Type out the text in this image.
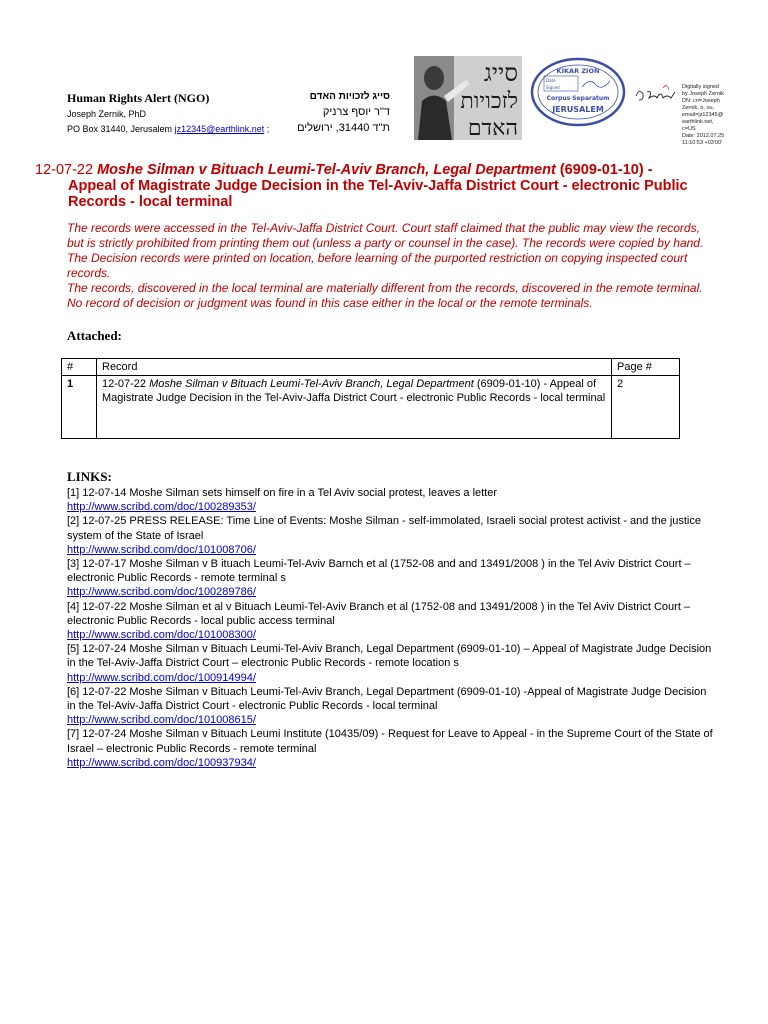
Human Rights Alert (NGO)
Joseph Zernik, PhD
PO Box 31440, Jerusalem jz12345@earthlink.net ;
סייג לזכויות האדם
ד"ר יוסף צרניק
ת"ד 31440, ירושלים
סייג
לזכויות
האדם
KIKAR ZION
Date
Signed
Corpus Separatum
JERUSALEM
Digitally signed
by Joseph Zernik
DN: cn=Joseph
Zernik, o, ou,
email=jz12345@
earthlink.net,
c=US
Date: 2012.07.25
11:10:53 +03'00'
12-07-22 Moshe Silman v Bituach Leumi-Tel-Aviv Branch, Legal Department (6909-01-10) -
Appeal of Magistrate Judge Decision in the Tel-Aviv-Jaffa District Court - electronic Public Records - local terminal

The records were accessed in the Tel-Aviv-Jaffa District Court. Court staff claimed that the public may view the records, but is strictly prohibited from printing them out (unless a party or counsel in the case). The records were copied by hand. The Decision records were printed on location, before learning of the purported restriction on copying inspected court records.

The records, discovered in the local terminal are materially different from the records, discovered in the remote terminal.

No record of decision or judgment was found in this case either in the local or the remote terminals.

Attached:
#	Record	Page #
1	12-07-22 Moshe Silman v Bituach Leumi-Tel-Aviv Branch, Legal Department (6909-01-10) - Appeal of Magistrate Judge Decision in the Tel-Aviv-Jaffa District Court - electronic Public Records - local terminal	2
LINKS:
[1] 12-07-14 Moshe Silman sets himself on fire in a Tel Aviv social protest, leaves a letter
http://www.scribd.com/doc/100289353/
[2] 12-07-25 PRESS RELEASE: Time Line of Events: Moshe Silman - self-immolated, Israeli social protest activist - and the justice system of the State of Israel
http://www.scribd.com/doc/101008706/
[3] 12-07-17 Moshe Silman v B ituach Leumi-Tel-Aviv Barnch et al (1752-08 and and 13491/2008 ) in the Tel Aviv District Court – electronic Public Records - remote terminal s
http://www.scribd.com/doc/100289786/
[4] 12-07-22 Moshe Silman et al v Bituach Leumi-Tel-Aviv Branch et al (1752-08 and 13491/2008 ) in the Tel Aviv District Court – electronic Public Records - local public access terminal
http://www.scribd.com/doc/101008300/
[5] 12-07-24 Moshe Silman v Bituach Leumi-Tel-Aviv Branch, Legal Department (6909-01-10) – Appeal of Magistrate Judge Decision in the Tel-Aviv-Jaffa District Court – electronic Public Records - remote location s
http://www.scribd.com/doc/100914994/
[6] 12-07-22 Moshe Silman v Bituach Leumi-Tel-Aviv Branch, Legal Department (6909-01-10) -Appeal of Magistrate Judge Decision in the Tel-Aviv-Jaffa District Court - electronic Public Records - local terminal
http://www.scribd.com/doc/101008615/
[7] 12-07-24 Moshe Silman v Bituach Leumi Institute (10435/09) - Request for Leave to Appeal - in the Supreme Court of the State of Israel – electronic Public Records - remote terminal
http://www.scribd.com/doc/100937934/
